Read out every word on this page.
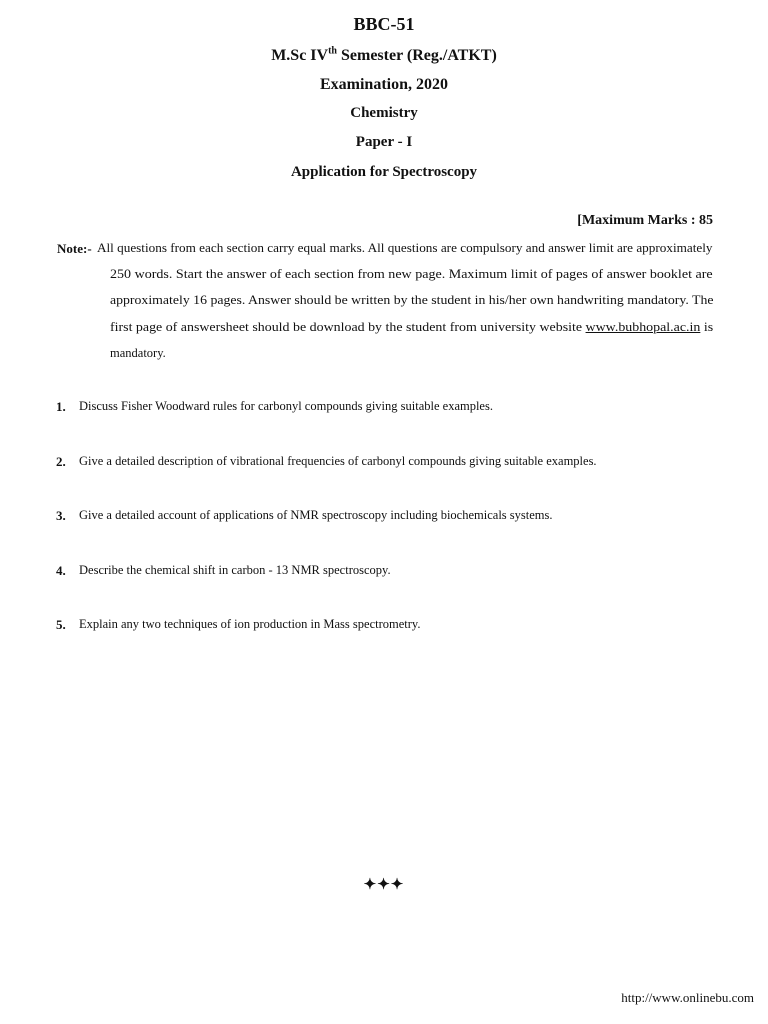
BBC-51
M.Sc IVth Semester (Reg./ATKT)
Examination, 2020
Chemistry
Paper - I
Application for Spectroscopy
[Maximum Marks : 85
Note:- All questions from each section carry equal marks. All questions are compulsory and answer limit are approximately
250 words. Start the answer of each section from new page. Maximum limit of pages of answer booklet are
approximately 16 pages. Answer should be written by the student in his/her own handwriting mandatory. The
first page of answersheet should be download by the student from university website www.bubhopal.ac.in is
mandatory.
1. Discuss Fisher Woodward rules for carbonyl compounds giving suitable examples.
2. Give a detailed description of vibrational frequencies of carbonyl compounds giving suitable examples.
3. Give a detailed account of applications of NMR spectroscopy including biochemicals systems.
4. Describe the chemical shift in carbon - 13 NMR spectroscopy.
5. Explain any two techniques of ion production in Mass spectrometry.
✦✦✦
http://www.onlinebu.com
